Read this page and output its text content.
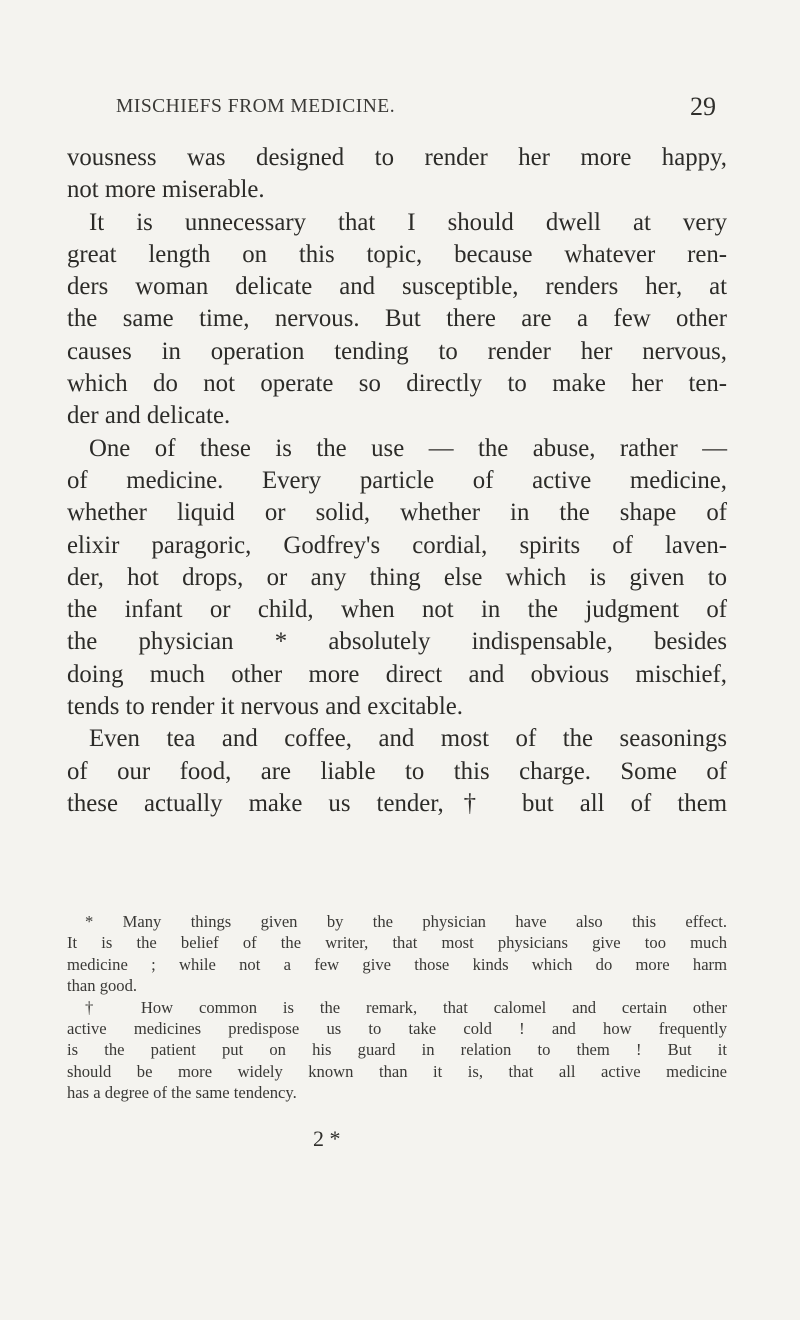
MISCHIEFS FROM MEDICINE.	29
vousness was designed to render her more happy,
not more miserable.
It is unnecessary that I should dwell at very
great length on this topic, because whatever ren-
ders woman delicate and susceptible, renders her, at
the same time, nervous. But there are a few other
causes in operation tending to render her nervous,
which do not operate so directly to make her ten-
der and delicate.
One of these is the use — the abuse, rather —
of medicine. Every particle of active medicine,
whether liquid or solid, whether in the shape of
elixir paragoric, Godfrey's cordial, spirits of laven-
der, hot drops, or any thing else which is given to
the infant or child, when not in the judgment of
the physician * absolutely indispensable, besides
doing much other more direct and obvious mischief,
tends to render it nervous and excitable.
Even tea and coffee, and most of the seasonings
of our food, are liable to this charge. Some of
these actually make us tender,† but all of them
* Many things given by the physician have also this effect.
It is the belief of the writer, that most physicians give too much
medicine ; while not a few give those kinds which do more harm
than good.
† How common is the remark, that calomel and certain other
active medicines predispose us to take cold ! and how frequently
is the patient put on his guard in relation to them ! But it
should be more widely known than it is, that all active medicine
has a degree of the same tendency.
2 *
